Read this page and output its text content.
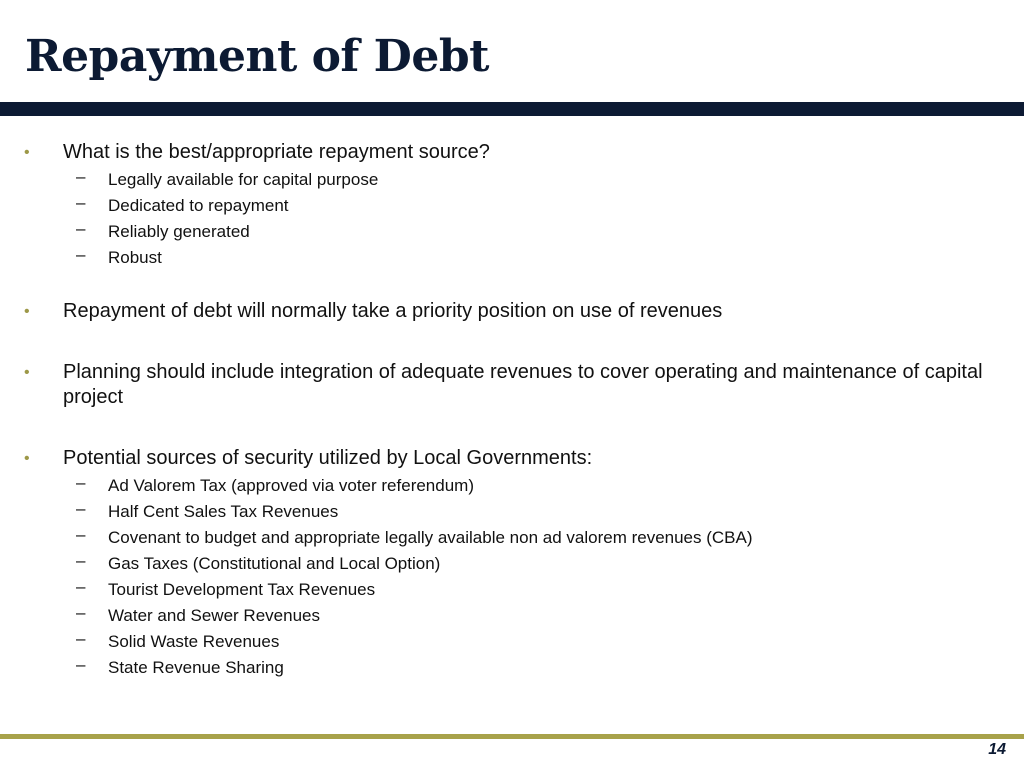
Repayment of Debt
• What is the best/appropriate repayment source?
– Legally available for capital purpose
– Dedicated to repayment
– Reliably generated
– Robust
• Repayment of debt will normally take a priority position on use of revenues
• Planning should include integration of adequate revenues to cover operating and maintenance of capital project
• Potential sources of security utilized by Local Governments:
– Ad Valorem Tax (approved via voter referendum)
– Half Cent Sales Tax Revenues
– Covenant to budget and appropriate legally available non ad valorem revenues (CBA)
– Gas Taxes (Constitutional and Local Option)
– Tourist Development Tax Revenues
– Water and Sewer Revenues
– Solid Waste Revenues
– State Revenue Sharing
14
